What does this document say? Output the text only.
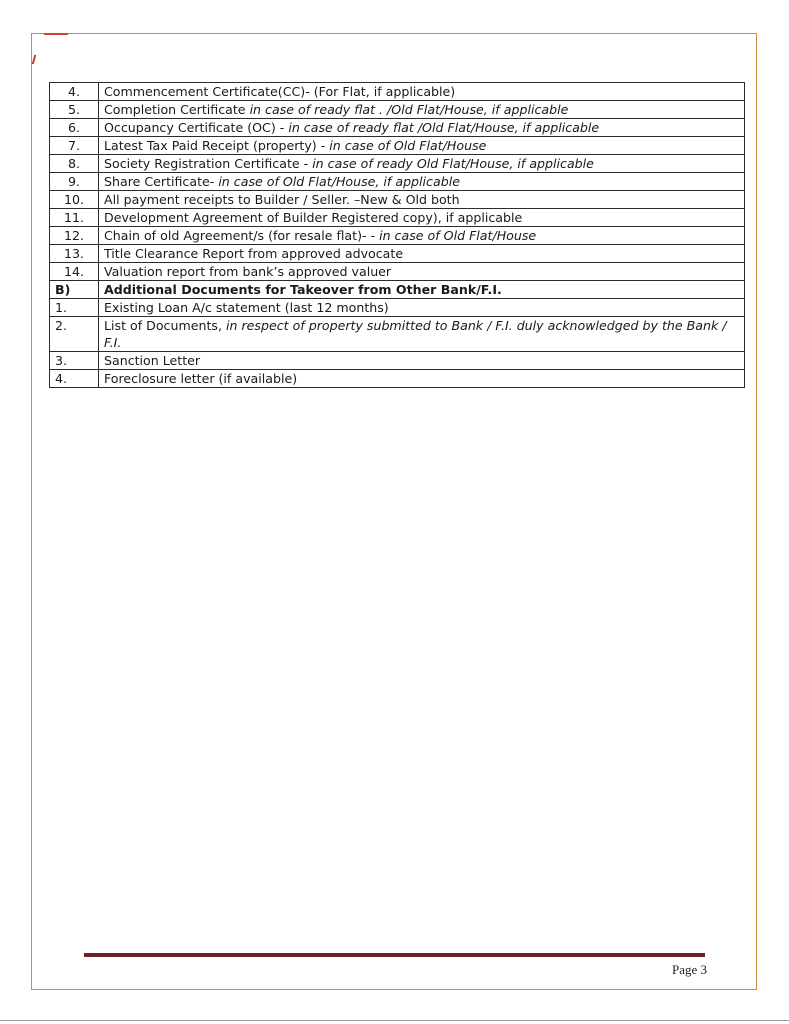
4.	Commencement Certificate(CC)- (For Flat, if applicable)
5.	Completion Certificate in case of ready flat . /Old Flat/House, if applicable
6.	Occupancy Certificate (OC) - in case of ready flat /Old Flat/House, if applicable
7.	Latest Tax Paid Receipt (property) - in case of Old Flat/House
8.	Society Registration Certificate - in case of ready Old Flat/House, if applicable
9.	Share Certificate- in case of Old Flat/House, if applicable
10.	All payment receipts to Builder / Seller. –New & Old both
11.	Development Agreement of Builder Registered copy), if applicable
12.	Chain of old Agreement/s (for resale flat)- - in case of Old Flat/House
13.	Title Clearance Report from approved advocate
14.	Valuation report from bank’s approved valuer
B)	Additional Documents for Takeover from Other Bank/F.I.
1.	Existing Loan A/c statement (last 12 months)
2.	List of Documents, in respect of property submitted to Bank / F.I. duly acknowledged by the Bank / F.I.
3.	Sanction Letter
4.	Foreclosure letter (if available)
Page 3
